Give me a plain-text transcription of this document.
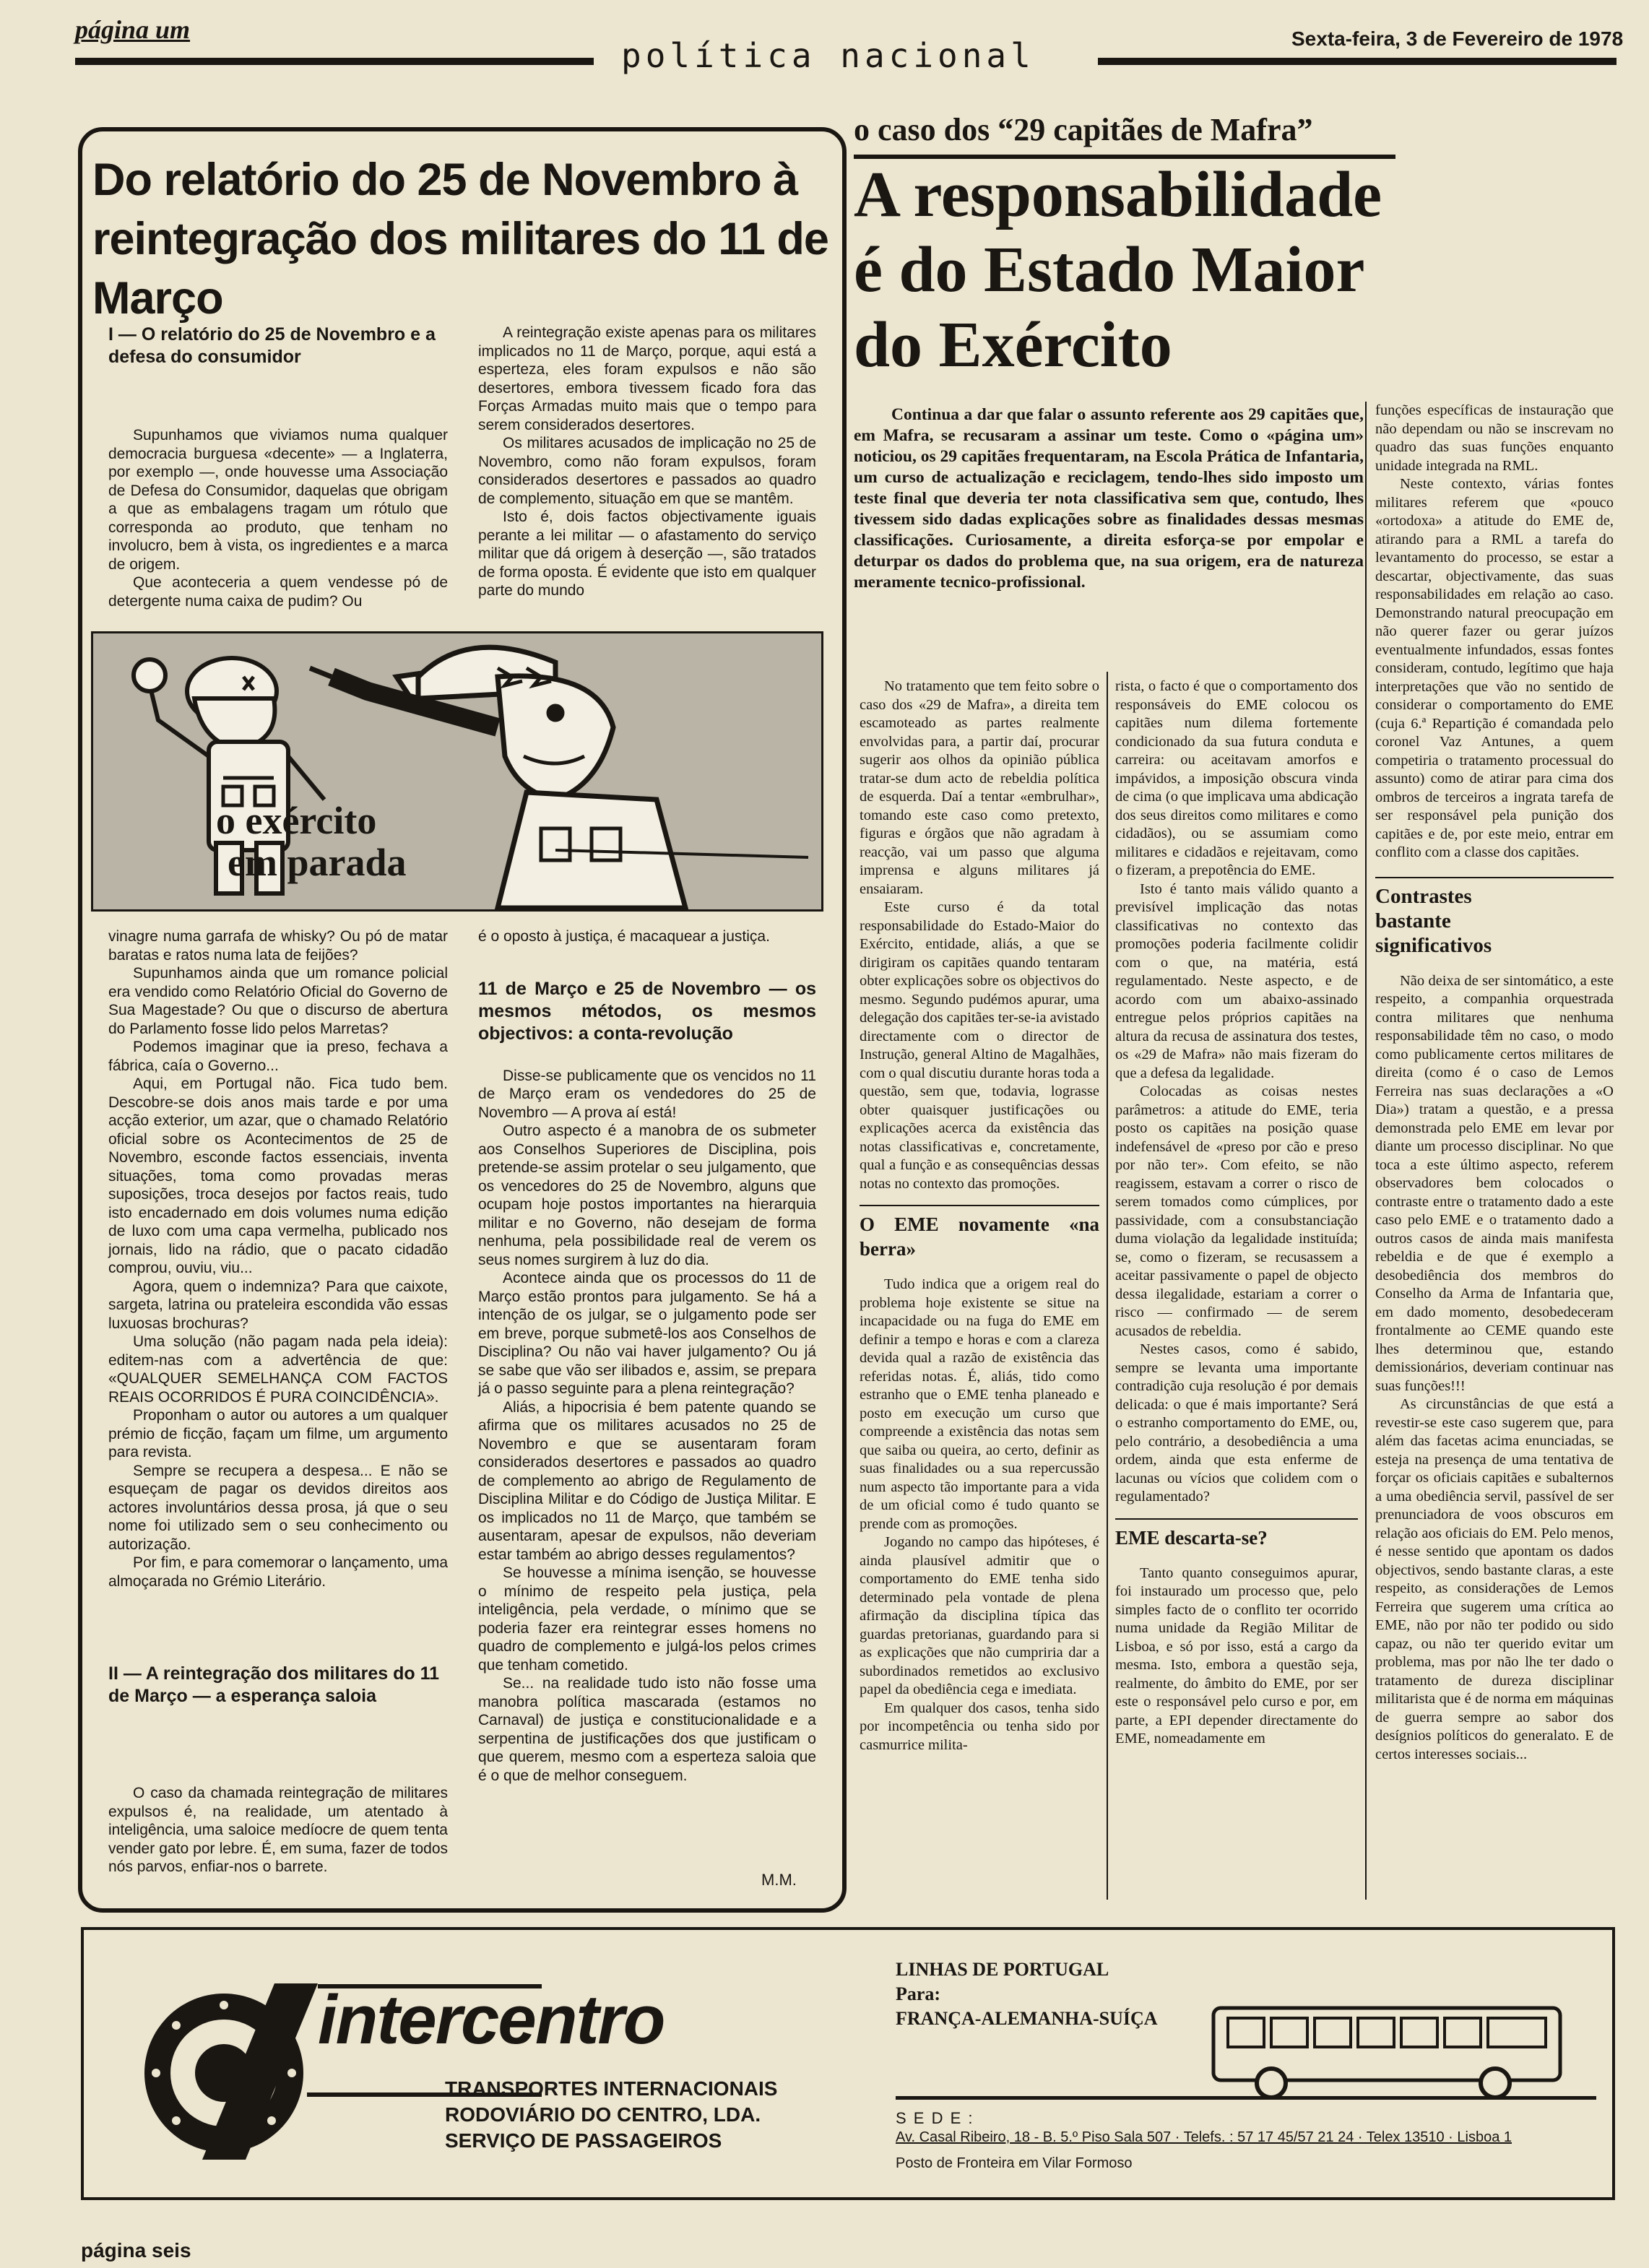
página um
política nacional	Sexta-feira, 3 de Fevereiro de 1978
Do relatório do 25 de Novembro à reintegração dos militares do 11 de Março
I — O relatório do 25 de Novembro e a defesa do consumidor

Supunhamos que viviamos numa qualquer democracia burguesa «decente» — a Inglaterra, por exemplo —, onde houvesse uma Associação de Defesa do Consumidor, daquelas que obrigam a que as embalagens tragam um rótulo que corresponda ao produto, que tenham no involucro, bem à vista, os ingredientes e a marca de origem.

Que aconteceria a quem vendesse pó de detergente numa caixa de pudim? Ou

A reintegração existe apenas para os militares implicados no 11 de Março, porque, aqui está a esperteza, eles foram expulsos e não são desertores, embora tivessem ficado fora das Forças Armadas muito mais que o tempo para serem considerados desertores.

Os militares acusados de implicação no 25 de Novembro, como não foram expulsos, foram considerados desertores e passados ao quadro de complemento, situação em que se mantêm.

Isto é, dois factos objectivamente iguais perante a lei militar — o afastamento do serviço militar que dá origem à deserção —, são tratados de forma oposta. É evidente que isto em qualquer parte do mundo

o exército
em parada

vinagre numa garrafa de whisky? Ou pó de matar baratas e ratos numa lata de feijões?

Supunhamos ainda que um romance policial era vendido como Relatório Oficial do Governo de Sua Magestade? Ou que o discurso de abertura do Parlamento fosse lido pelos Marretas?

Podemos imaginar que ia preso, fechava a fábrica, caía o Governo...

Aqui, em Portugal não. Fica tudo bem. Descobre-se dois anos mais tarde e por uma acção exterior, um azar, que o chamado Relatório oficial sobre os Acontecimentos de 25 de Novembro, esconde factos essenciais, inventa situações, toma como provadas meras suposições, troca desejos por factos reais, tudo isto encadernado em dois volumes numa edição de luxo com uma capa vermelha, publicado nos jornais, lido na rádio, que o pacato cidadão comprou, ouviu, viu...

Agora, quem o indemniza? Para que caixote, sargeta, latrina ou prateleira escondida vão essas luxuosas brochuras?

Uma solução (não pagam nada pela ideia): editem-nas com a advertência de que: «QUALQUER SEMELHANÇA COM FACTOS REAIS OCORRIDOS É PURA COINCIDÊNCIA».

Proponham o autor ou autores a um qualquer prémio de ficção, façam um filme, um argumento para revista.

Sempre se recupera a despesa... E não se esqueçam de pagar os devidos direitos aos actores involuntários dessa prosa, já que o seu nome foi utilizado sem o seu conhecimento ou autorização.

Por fim, e para comemorar o lançamento, uma almoçarada no Grémio Literário.

II — A reintegração dos militares do 11 de Março — a esperança saloia

O caso da chamada reintegração de militares expulsos é, na realidade, um atentado à inteligência, uma saloice medíocre de quem tenta vender gato por lebre. É, em suma, fazer de todos nós parvos, enfiar-nos o barrete.

é o oposto à justiça, é macaquear a justiça.

11 de Março e 25 de Novembro — os mesmos métodos, os mesmos objectivos: a conta-revolução

Disse-se publicamente que os vencidos no 11 de Março eram os vendedores do 25 de Novembro — A prova aí está!

Outro aspecto é a manobra de os submeter aos Conselhos Superiores de Disciplina, pois pretende-se assim protelar o seu julgamento, que os vencedores do 25 de Novembro, alguns que ocupam hoje postos importantes na hierarquia militar e no Governo, não desejam de forma nenhuma, pela possibilidade real de verem os seus nomes surgirem à luz do dia.

Acontece ainda que os processos do 11 de Março estão prontos para julgamento. Se há a intenção de os julgar, se o julgamento pode ser em breve, porque submetê-los aos Conselhos de Disciplina? Ou não vai haver julgamento? Ou já se sabe que vão ser ilibados e, assim, se prepara já o passo seguinte para a plena reintegração?

Aliás, a hipocrisia é bem patente quando se afirma que os militares acusados no 25 de Novembro e que se ausentaram foram considerados desertores e passados ao quadro de complemento ao abrigo de Regulamento de Disciplina Militar e do Código de Justiça Militar. E os implicados no 11 de Março, que também se ausentaram, apesar de expulsos, não deveriam estar também ao abrigo desses regulamentos?

Se houvesse a mínima isenção, se houvesse o mínimo de respeito pela justiça, pela inteligência, pela verdade, o mínimo que se poderia fazer era reintegrar esses homens no quadro de complemento e julgá-los pelos crimes que tenham cometido.

Se... na realidade tudo isto não fosse uma manobra política mascarada (estamos no Carnaval) de justiça e constitucionalidade e a serpentina de justificações dos que justificam o que querem, mesmo com a esperteza saloia que é o que de melhor conseguem.

M.M.
o caso dos “29 capitães de Mafra”
A responsabilidade
é do Estado Maior
do Exército
Continua a dar que falar o assunto referente aos 29 capitães que, em Mafra, se recusaram a assinar um teste. Como o «página um» noticiou, os 29 capitães frequentaram, na Escola Prática de Infantaria, um curso de actualização e reciclagem, tendo-lhes sido imposto um teste final que deveria ter nota classificativa sem que, contudo, lhes tivessem sido dadas explicações sobre as finalidades dessas mesmas classificações. Curiosamente, a direita esforça-se por empolar e deturpar os dados do problema que, na sua origem, era de natureza meramente tecnico-profissional.

No tratamento que tem feito sobre o caso dos «29 de Mafra», a direita tem escamoteado as partes realmente envolvidas para, a partir daí, procurar sugerir aos olhos da opinião pública tratar-se dum acto de rebeldia política de esquerda. Daí a tentar «embrulhar», tomando este caso como pretexto, figuras e órgãos que não agradam à reacção, vai um passo que alguma imprensa e alguns militares já ensaiaram.

Este curso é da total responsabilidade do Estado-Maior do Exército, entidade, aliás, a que se dirigiram os capitães quando tentaram obter explicações sobre os objectivos do mesmo. Segundo pudémos apurar, uma delegação dos capitães ter-se-ia avistado directamente com o director de Instrução, general Altino de Magalhães, com o qual discutiu durante horas toda a questão, sem que, todavia, lograsse obter quaisquer justificações ou explicações acerca da existência das notas classificativas e, concretamente, qual a função e as consequências dessas notas no contexto das promoções.

O EME novamente «na berra»

Tudo indica que a origem real do problema hoje existente se situe na incapacidade ou na fuga do EME em definir a tempo e horas e com a clareza devida qual a razão de existência das referidas notas. É, aliás, tido como estranho que o EME tenha planeado e posto em execução um curso que compreende a existência das notas sem que saiba ou queira, ao certo, definir as suas finalidades ou a sua repercussão num aspecto tão importante para a vida de um oficial como é tudo quanto se prende com as promoções.

Jogando no campo das hipóteses, é ainda plausível admitir que o comportamento do EME tenha sido determinado pela vontade de plena afirmação da disciplina típica das guardas pretorianas, guardando para si as explicações que não cumpriria dar a subordinados remetidos ao exclusivo papel da obediência cega e imediata.

Em qualquer dos casos, tenha sido por incompetência ou tenha sido por casmurrice milita-

rista, o facto é que o comportamento dos responsáveis do EME colocou os capitães num dilema fortemente condicionado da sua futura conduta e carreira: ou aceitavam amorfos e impávidos, a imposição obscura vinda de cima (o que implicava uma abdicação dos seus direitos como militares e como cidadãos), ou se assumiam como militares e cidadãos e rejeitavam, como o fizeram, a prepotência do EME.

Isto é tanto mais válido quanto a previsível implicação das notas classificativas no contexto das promoções poderia facilmente colidir com o que, na matéria, está regulamentado. Neste aspecto, e de acordo com um abaixo-assinado entregue pelos próprios capitães na altura da recusa de assinatura dos testes, os «29 de Mafra» não mais fizeram do que a defesa da legalidade.

Colocadas as coisas nestes parâmetros: a atitude do EME, teria posto os capitães na posição quase indefensável de «preso por cão e preso por não ter». Com efeito, se não reagissem, estavam a correr o risco de serem tomados como cúmplices, por passividade, com a consubstanciação duma violação da legalidade instituída; se, como o fizeram, se recusassem a aceitar passivamente o papel de objecto dessa ilegalidade, estariam a correr o risco — confirmado — de serem acusados de rebeldia.

Nestes casos, como é sabido, sempre se levanta uma importante contradição cuja resolução é por demais delicada: o que é mais importante? Será o estranho comportamento do EME, ou, pelo contrário, a desobediência a uma ordem, ainda que esta enferme de lacunas ou vícios que colidem com o regulamentado?

EME descarta-se?

Tanto quanto conseguimos apurar, foi instaurado um processo que, pelo simples facto de o conflito ter ocorrido numa unidade da Região Militar de Lisboa, e só por isso, está a cargo da mesma. Isto, embora a questão seja, realmente, do âmbito do EME, por ser este o responsável pelo curso e por, em parte, a EPI depender directamente do EME, nomeadamente em

funções específicas de instauração que não dependam ou não se inscrevam no quadro das suas funções enquanto unidade integrada na RML.

Neste contexto, várias fontes militares referem que «pouco «ortodoxa» a atitude do EME de, atirando para a RML a tarefa do levantamento do processo, se estar a descartar, objectivamente, das suas responsabilidades em relação ao caso. Demonstrando natural preocupação em não querer fazer ou gerar juízos eventualmente infundados, essas fontes consideram, contudo, legítimo que haja interpretações que vão no sentido de considerar o comportamento do EME (cuja 6.ª Repartição é comandada pelo coronel Vaz Antunes, a quem competiria o tratamento processual do assunto) como de atirar para cima dos ombros de terceiros a ingrata tarefa de ser responsável pela punição dos capitães e de, por este meio, entrar em conflito com a classe dos capitães.

Contrastes bastante significativos

Não deixa de ser sintomático, a este respeito, a companhia orquestrada contra militares que nenhuma responsabilidade têm no caso, o modo como publicamente certos militares de direita (como é o caso de Lemos Ferreira nas suas declarações a «O Dia») tratam a questão, e a pressa demonstrada pelo EME em levar por diante um processo disciplinar. No que toca a este último aspecto, referem observadores bem colocados o contraste entre o tratamento dado a este caso pelo EME e o tratamento dado a outros casos de ainda mais manifesta rebeldia e de que é exemplo a desobediência dos membros do Conselho da Arma de Infantaria que, em dado momento, desobedeceram frontalmente ao CEME quando este lhes determinou que, estando demissionários, deveriam continuar nas suas funções!!!

As circunstâncias de que está a revestir-se este caso sugerem que, para além das facetas acima enunciadas, se esteja na presença de uma tentativa de forçar os oficiais capitães e subalternos a uma obediência servil, passível de ser prenunciadora de voos obscuros em relação aos oficiais do EM. Pelo menos, é nesse sentido que apontam os dados objectivos, sendo bastante claras, a este respeito, as considerações de Lemos Ferreira que sugerem uma crítica ao EME, não por não ter podido ou sido capaz, ou não ter querido evitar um problema, mas por não lhe ter dado o tratamento de dureza disciplinar militarista que é de norma em máquinas de guerra sempre ao sabor dos desígnios políticos do generalato. E de certos interesses sociais...

intercentro
TRANSPORTES INTERNACIONAIS
RODOVIÁRIO DO CENTRO, LDA.
SERVIÇO DE PASSAGEIROS
LINHAS DE PORTUGAL
Para:
FRANÇA-ALEMANHA-SUÍÇA
S E D E :
Av. Casal Ribeiro, 18 - B. 5.º Piso Sala 507 · Telefs. : 57 17 45/57 21 24 · Telex 13510 · Lisboa 1
Posto de Fronteira em Vilar Formoso
página seis
